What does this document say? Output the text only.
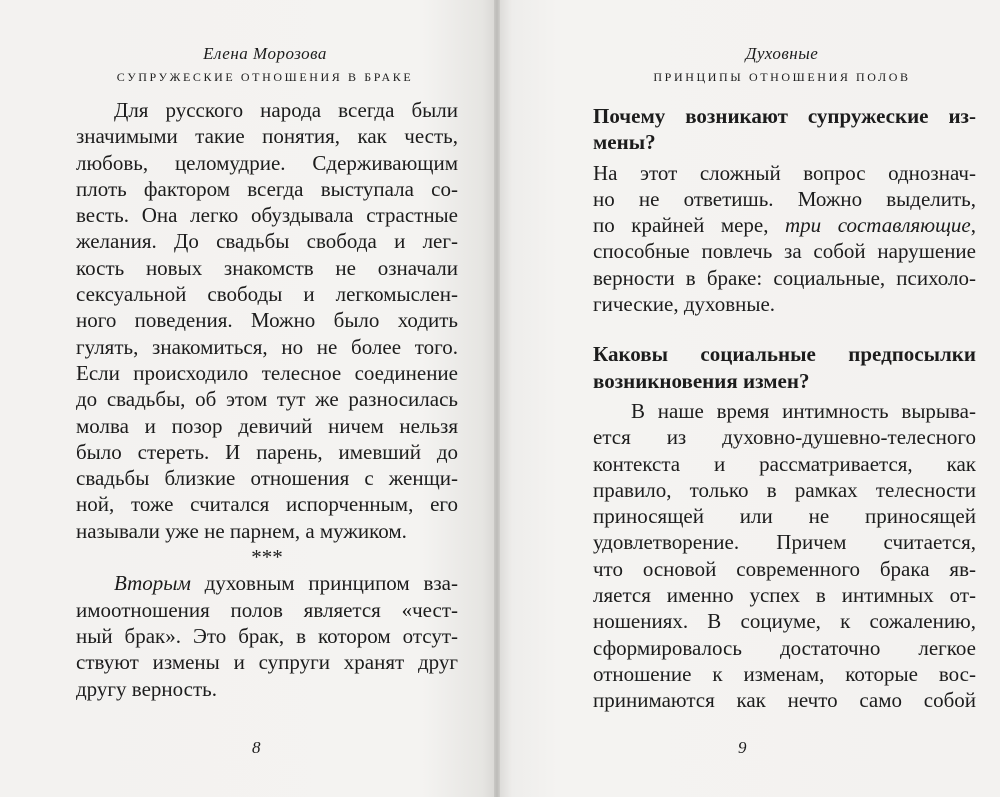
Елена Морозова
СУПРУЖЕСКИЕ ОТНОШЕНИЯ В БРАКЕ
Для русского народа всегда были
значимыми такие понятия, как честь,
любовь, целомудрие. Сдерживающим
плоть фактором всегда выступала со-
весть. Она легко обуздывала страстные
желания. До свадьбы свобода и лег-
кость новых знакомств не означали
сексуальной свободы и легкомыслен-
ного поведения. Можно было ходить
гулять, знакомиться, но не более того.
Если происходило телесное соединение
до свадьбы, об этом тут же разносилась
молва и позор девичий ничем нельзя
было стереть. И парень, имевший до
свадьбы близкие отношения с женщи-
ной, тоже считался испорченным, его
называли уже не парнем, а мужиком.
***
Вторым духовным принципом вза-
имоотношения полов является «чест-
ный брак». Это брак, в котором отсут-
ствуют измены и супруги хранят друг
другу верность.
8
Духовные
ПРИНЦИПЫ ОТНОШЕНИЯ ПОЛОВ
Почему возникают супружеские из-
мены?
На этот сложный вопрос однознач-
но не ответишь. Можно выделить,
по крайней мере, три составляющие,
способные повлечь за собой нарушение
верности в браке: социальные, психоло-
гические, духовные.
Каковы социальные предпосылки
возникновения измен?
В наше время интимность вырыва-
ется из духовно-душевно-телесного
контекста и рассматривается, как
правило, только в рамках телесности
приносящей или не приносящей
удовлетворение. Причем считается,
что основой современного брака яв-
ляется именно успех в интимных от-
ношениях. В социуме, к сожалению,
сформировалось достаточно легкое
отношение к изменам, которые вос-
принимаются как нечто само собой
9
